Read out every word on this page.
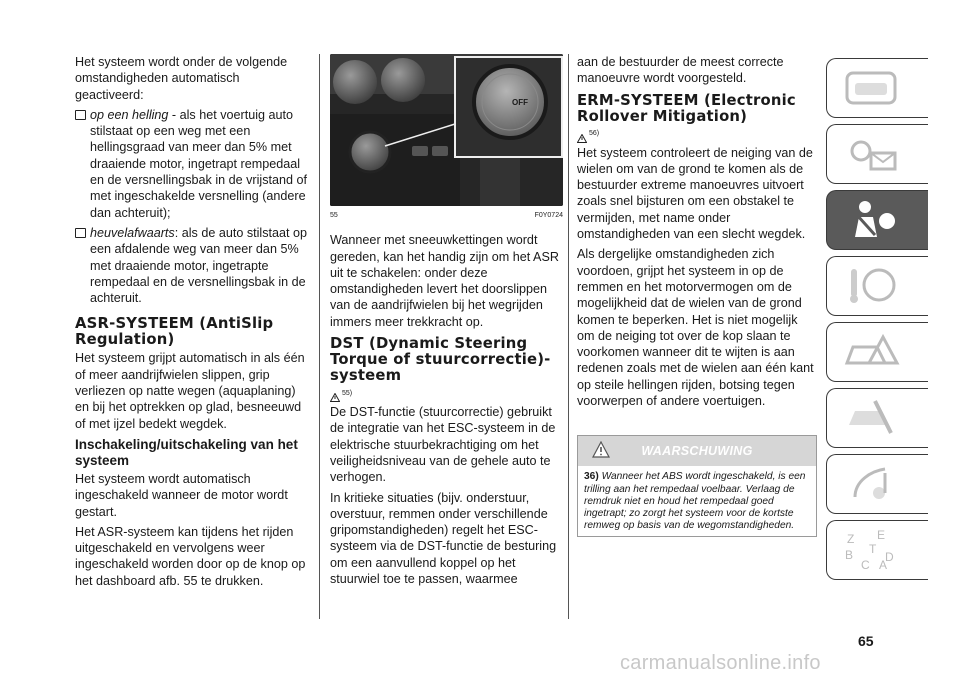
Het systeem wordt onder de volgende omstandigheden automatisch geactiveerd:

op een helling - als het voertuig auto stilstaat op een weg met een hellingsgraad van meer dan 5% met draaiende motor, ingetrapt rempedaal en de versnellingsbak in de vrijstand of met ingeschakelde versnelling (andere dan achteruit);

heuvelafwaarts: als de auto stilstaat op een afdalende weg van meer dan 5% met draaiende motor, ingetrapte rempedaal en de versnellingsbak in de achteruit.

ASR-SYSTEEM (AntiSlip Regulation)

Het systeem grijpt automatisch in als één of meer aandrijfwielen slippen, grip verliezen op natte wegen (aquaplaning) en bij het optrekken op glad, besneeuwd of met ijzel bedekt wegdek.

Inschakeling/uitschakeling van het systeem

Het systeem wordt automatisch ingeschakeld wanneer de motor wordt gestart.

Het ASR-systeem kan tijdens het rijden uitgeschakeld en vervolgens weer ingeschakeld worden door op de knop op het dashboard afb. 55 te drukken.

OFF
55	F0Y0724

Wanneer met sneeuwkettingen wordt gereden, kan het handig zijn om het ASR uit te schakelen: onder deze omstandigheden levert het doorslippen van de aandrijfwielen bij het wegrijden immers meer trekkracht op.

DST (Dynamic Steering Torque of stuurcorrectie)-systeem
55)

De DST-functie (stuurcorrectie) gebruikt de integratie van het ESC-systeem in de elektrische stuurbekrachtiging om het veiligheidsniveau van de gehele auto te verhogen.

In kritieke situaties (bijv. onderstuur, overstuur, remmen onder verschillende gripomstandigheden) regelt het ESC-systeem via de DST-functie de besturing om een aanvullend koppel op het stuurwiel toe te passen, waarmee

aan de bestuurder de meest correcte manoeuvre wordt voorgesteld.

ERM-SYSTEEM (Electronic Rollover Mitigation)
56)

Het systeem controleert de neiging van de wielen om van de grond te komen als de bestuurder extreme manoeuvres uitvoert zoals snel bijsturen om een obstakel te vermijden, met name onder omstandigheden van een slecht wegdek.

Als dergelijke omstandigheden zich voordoen, grijpt het systeem in op de remmen en het motorvermogen om de mogelijkheid dat de wielen van de grond komen te beperken. Het is niet mogelijk om de neiging tot over de kop slaan te voorkomen wanneer dit te wijten is aan redenen zoals met de wielen aan één kant op steile hellingen rijden, botsing tegen voorwerpen of andere voertuigen.

WAARSCHUWING
36) Wanneer het ABS wordt ingeschakeld, is een trilling aan het rempedaal voelbaar. Verlaag de remdruk niet en houd het rempedaal goed ingetrapt; zo zorgt het systeem voor de kortste remweg op basis van de wegomstandigheden.
Z E
B
C
D
T
A
65
carmanualsonline.info
